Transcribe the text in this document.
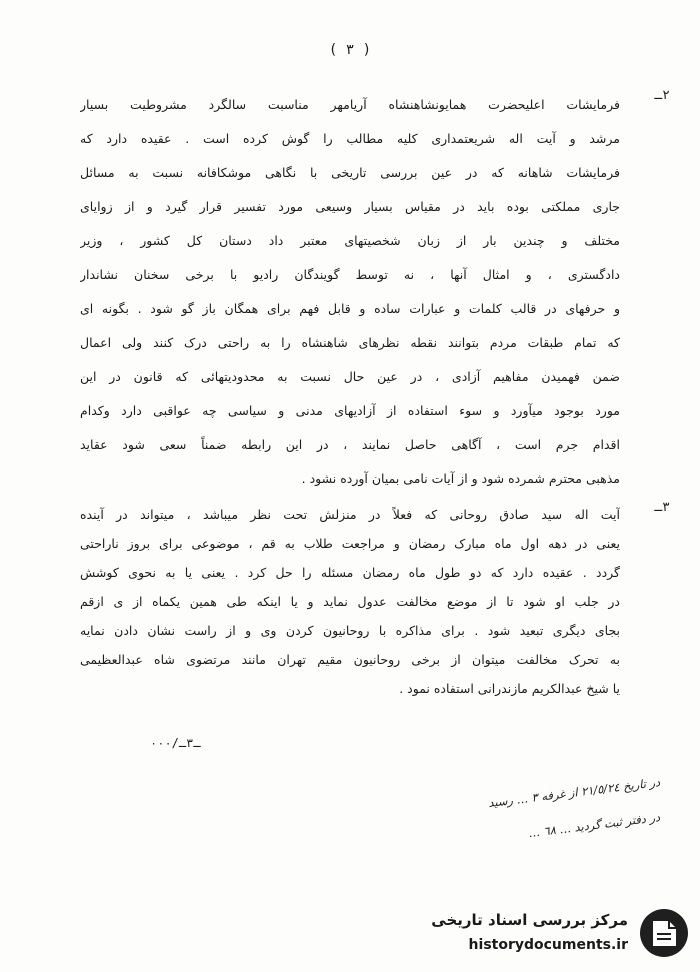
( ٣ )
٢ـ
فرمایشات اعلیحضرت همایونشاهنشاه آریامهر مناسبت سالگرد مشروطیت بسیار
مرشد و آیت اله شریعتمداری کلیه مطالب را گوش کرده است . عقیده دارد که
فرمایشات شاهانه که در عین بررسی تاریخی با نگاهی موشکافانه نسبت به مسائل
جاری مملکتی بوده باید در مقیاس بسیار وسیعی مورد تفسیر قرار گیرد و از زوایای
مختلف و چندین بار از زبان شخصیتهای معتبر داد دستان کل کشور ، وزیر
دادگستری ، و امثال آنها ، نه توسط گویندگان رادیو با برخی سخنان نشاندار
و حرفهای در قالب کلمات و عبارات ساده و قابل فهم برای همگان باز گو شود . بگونه ای
که تمام طبقات مردم بتوانند نقطه نظرهای شاهنشاه را به راحتی درک کنند ولی اعمال
ضمن فهمیدن مفاهیم آزادی ، در عین حال نسبت به محدودیتهائی که قانون در این
مورد بوجود میآورد و سوء استفاده از آزادیهای مدنی و سیاسی چه عواقبی دارد وکدام
اقدام جرم است ، آگاهی حاصل نمایند ، در این رابطه ضمناً سعی شود عقاید
مذهبی محترم شمرده شود و از آیات نامی بمیان آورده نشود .
٣ـ
آیت اله سید صادق روحانی که فعلاً در منزلش تحت نظر میباشد ، میتواند در آینده
یعنی در دهه اول ماه مبارک رمضان و مراجعت طلاب به قم ، موضوعی برای بروز ناراحتی
گردد . عقیده دارد که دو طول ماه رمضان مسئله را حل کرد . یعنی یا به نحوی کوشش
در جلب او شود تا از موضع مخالفت عدول نماید و یا اینکه طی همین یکماه از ی ازقم
بجای دیگری تبعید شود . برای مذاکره با روحانیون کردن وی و از راست نشان دادن نمایه
به تحرک مخالفت میتوان از برخی روحانیون مقیم تهران مانند مرتضوی شاه عبدالعظیمی
یا شیخ عبدالکریم مازندرانی استفاده نمود .
۰۰۰/ـ٣ـ
در تاریخ ٢١/٥/٢٤ از غرفه ٣ … رسید
در دفتر ثبت گردید … ٦٨ …
مرکز بررسی اسناد تاریخی
historydocuments.ir
